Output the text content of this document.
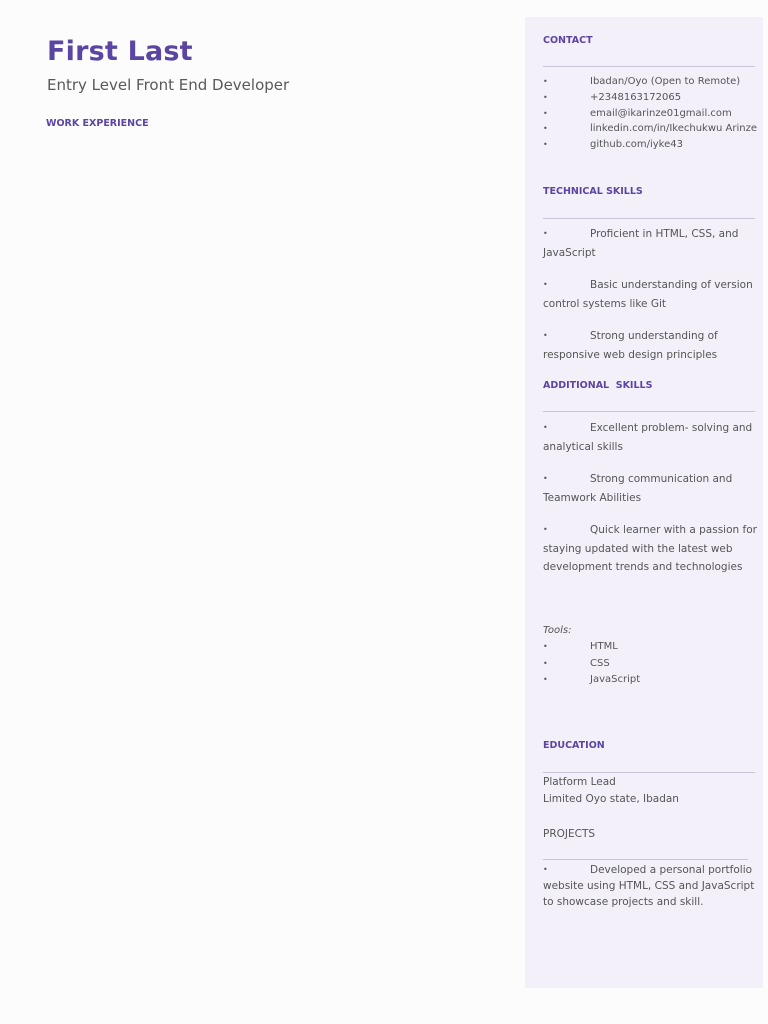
First Last
Entry Level Front End Developer
WORK EXPERIENCE
CONTACT
•	Ibadan/Oyo (Open to Remote)
•	+2348163172065
•	email@ikarinze01gmail.com
•	linkedin.com/in/Ikechukwu Arinze
•	github.com/iyke43
TECHNICAL SKILLS
•	Proficient in HTML, CSS, and JavaScript
•	Basic understanding of version control systems like Git
•	Strong understanding of responsive web design principles
ADDITIONAL  SKILLS
•	Excellent problem- solving and analytical skills
•	Strong communication and Teamwork Abilities
•	Quick learner with a passion for staying updated with the latest web development trends and technologies
Tools:
•	HTML
•	CSS
•	JavaScript
EDUCATION
Platform Lead
Limited Oyo state, Ibadan
PROJECTS
•	Developed a personal portfolio website using HTML, CSS and JavaScript to showcase projects and skill.
